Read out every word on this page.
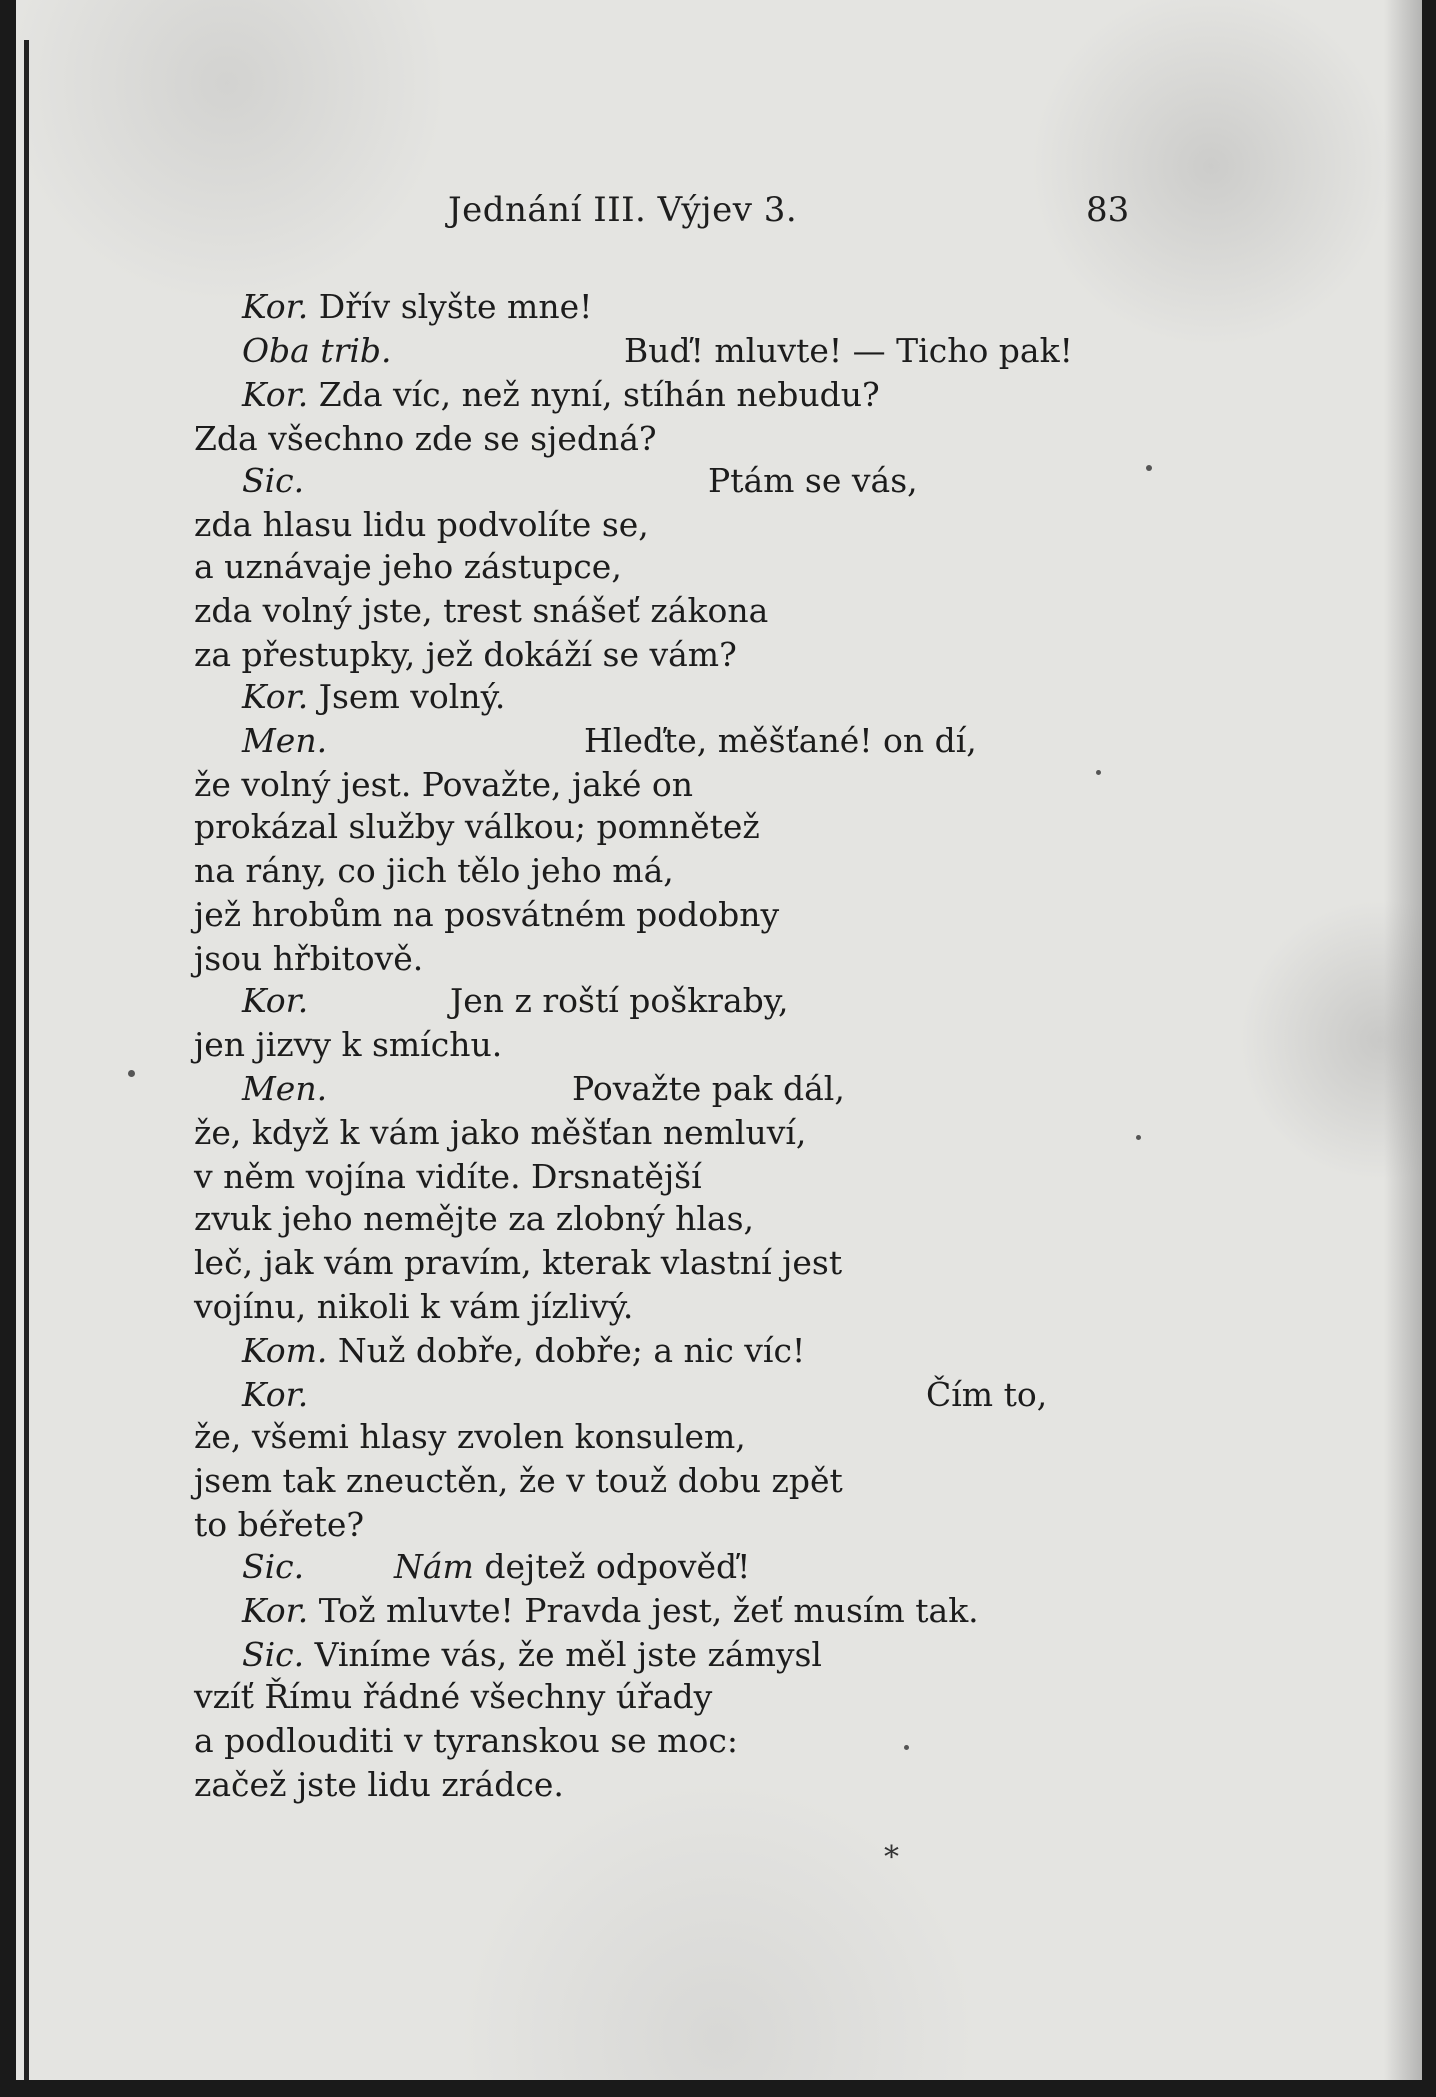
Jednání III. Výjev 3.	83
Kor. Dřív slyšte mne!
Oba trib.	Buď! mluvte! — Ticho pak!
Kor. Zda víc, než nyní, stíhán nebudu?
Zda všechno zde se sjedná?
Sic.	Ptám se vás,
zda hlasu lidu podvolíte se,
a uznávaje jeho zástupce,
zda volný jste, trest snášeť zákona
za přestupky, jež dokáží se vám?
Kor. Jsem volný.
Men.	Hleďte, měšťané! on dí,
že volný jest. Považte, jaké on
prokázal služby válkou; pomnětež
na rány, co jich tělo jeho má,
jež hrobům na posvátném podobny
jsou hřbitově.
Kor.	Jen z roští poškraby,
jen jizvy k smíchu.
Men.	Považte pak dál,
že, když k vám jako měšťan nemluví,
v něm vojína vidíte. Drsnatější
zvuk jeho nemějte za zlobný hlas,
leč, jak vám pravím, kterak vlastní jest
vojínu, nikoli k vám jízlivý.
Kom. Nuž dobře, dobře; a nic víc!
Kor.	Čím to,
že, všemi hlasy zvolen konsulem,
jsem tak zneuctěn, že v touž dobu zpět
to béřete?
Sic.	Nám dejtež odpověď!
Kor. Tož mluvte! Pravda jest, žeť musím tak.
Sic. Viníme vás, že měl jste zámysl
vzíť Římu řádné všechny úřady
a podlouditi v tyranskou se moc:
začež jste lidu zrádce.
*
